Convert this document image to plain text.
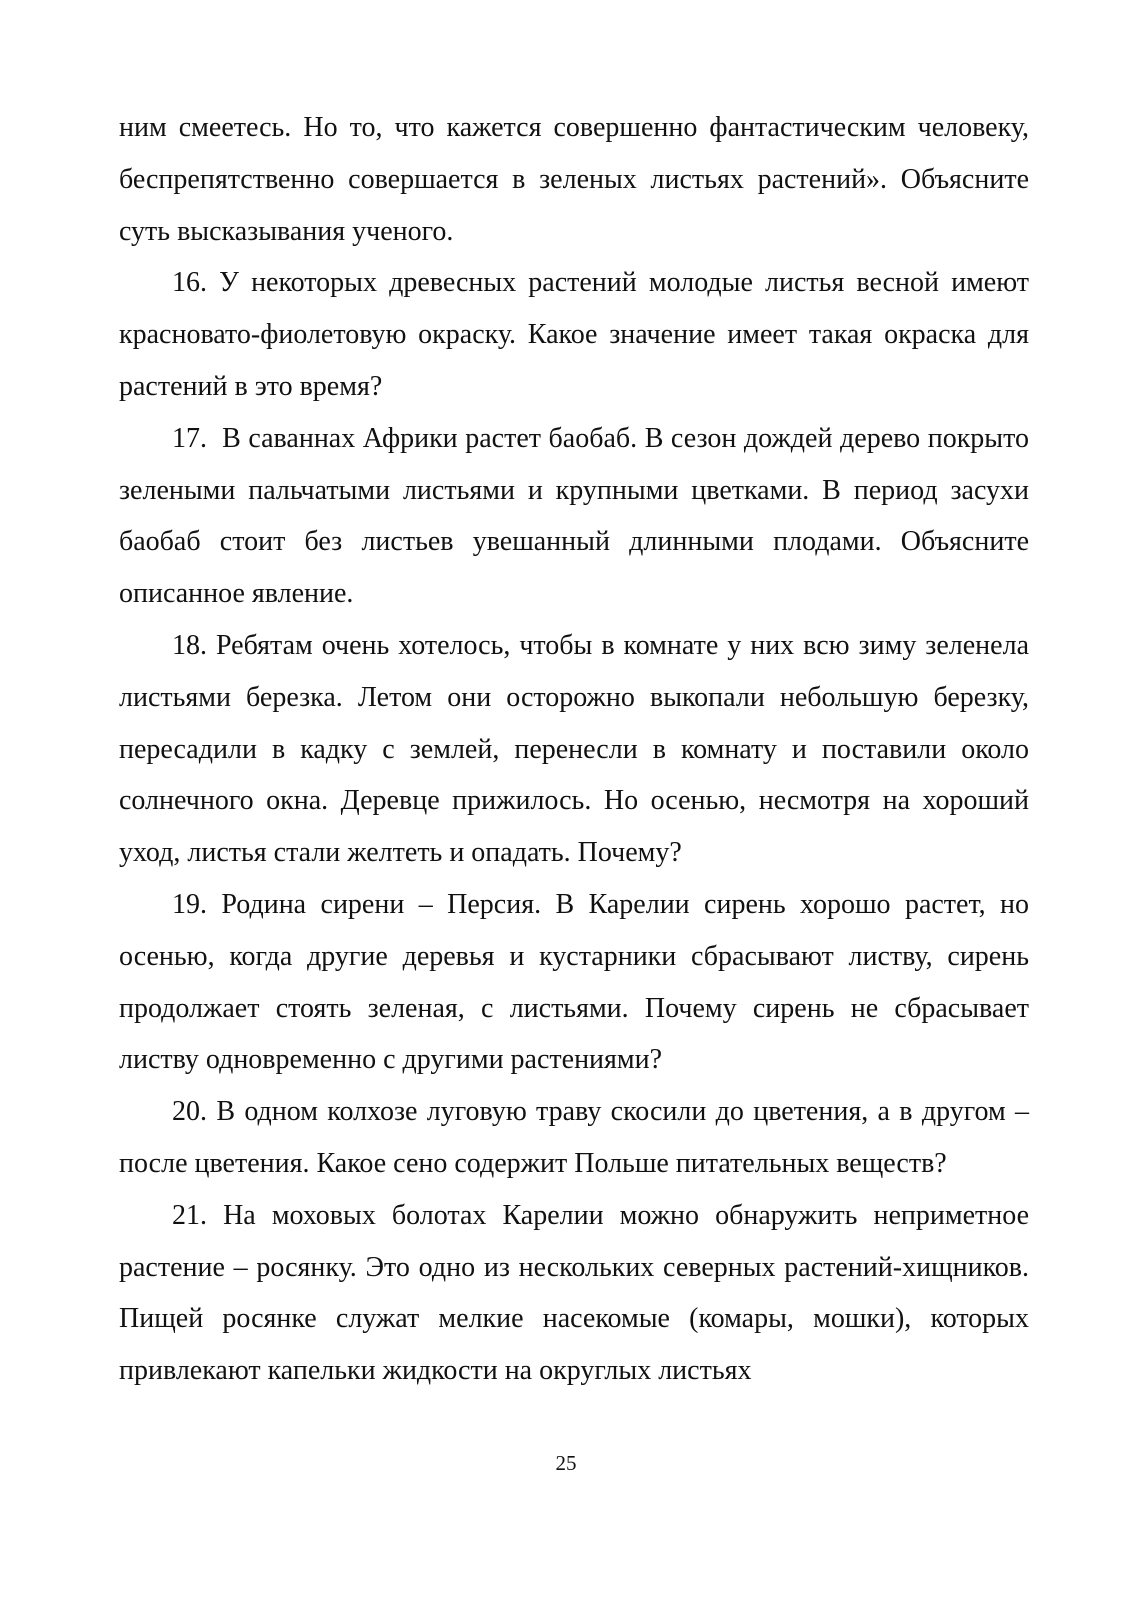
ним смеетесь. Но то, что кажется совершенно фантастическим человеку, беспрепятственно совершается в зеленых листьях растений». Объясните суть высказывания ученого.

16. У некоторых древесных растений молодые листья весной имеют красновато-фиолетовую окраску. Какое значение имеет такая окраска для растений в это время?

17.  В саваннах Африки растет баобаб. В сезон дождей дерево покрыто зелеными пальчатыми листьями и крупными цветками. В период засухи баобаб стоит без листьев увешанный длинными плодами. Объясните описанное явление.

18. Ребятам очень хотелось, чтобы в комнате у них всю зиму зеленела листьями березка. Летом они осторожно выкопали небольшую березку, пересадили в кадку с землей, перенесли в комнату и поставили около солнечного окна. Деревце прижилось. Но осенью, несмотря на хороший уход, листья стали желтеть и опадать. Почему?

19. Родина сирени – Персия. В Карелии сирень хорошо растет, но осенью, когда другие деревья и кустарники сбрасывают листву, сирень продолжает стоять зеленая, с листьями. Почему сирень не сбрасывает листву одновременно с другими растениями?

20. В одном колхозе луговую траву скосили до цветения, а в другом – после цветения. Какое сено содержит Польше питательных веществ?

21. На моховых болотах Карелии можно обнаружить неприметное растение – росянку. Это одно из нескольких северных растений-хищников. Пищей росянке служат мелкие насекомые (комары, мошки), которых привлекают капельки жидкости на округлых листьях

25
